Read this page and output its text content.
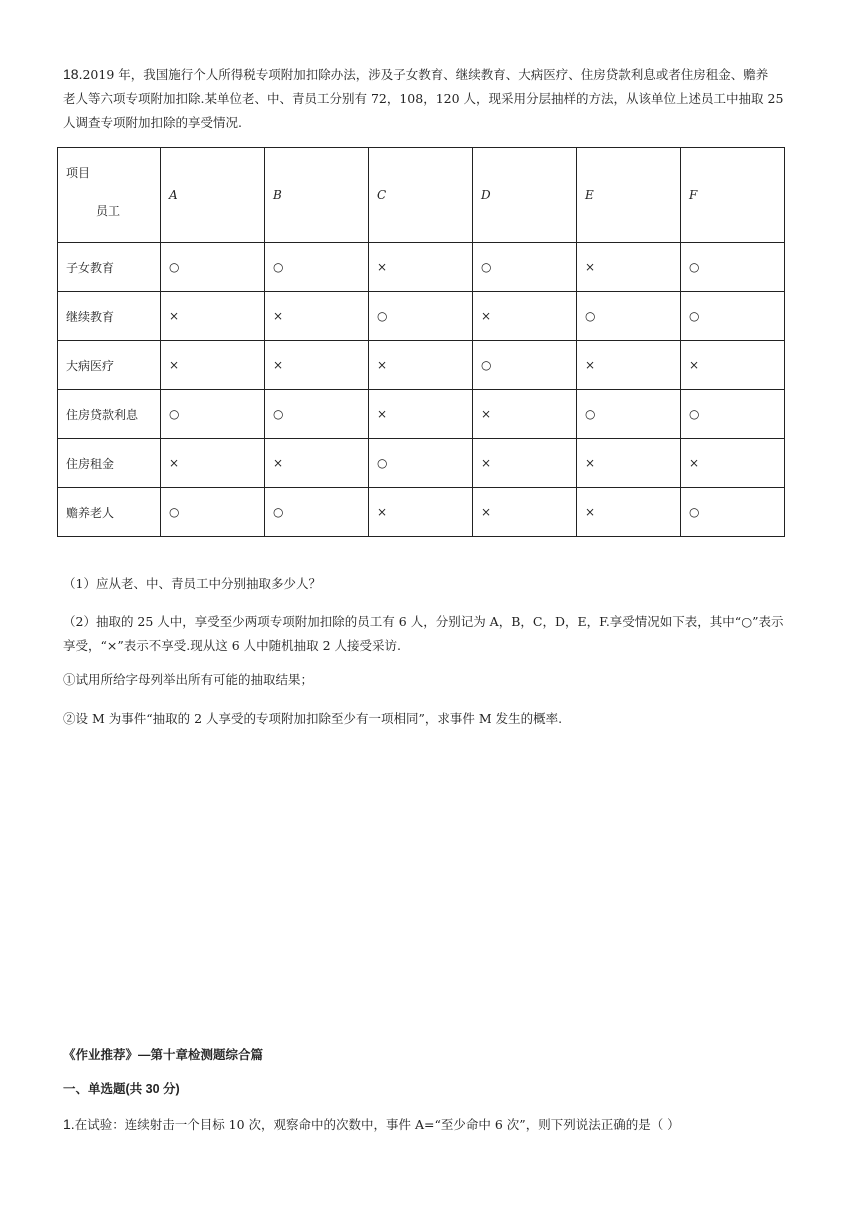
18.2019 年，我国施行个人所得税专项附加扣除办法，涉及子女教育、继续教育、大病医疗、住房贷款利息或者住房租金、赡养
老人等六项专项附加扣除.某单位老、中、青员工分别有 72，108，120 人，现采用分层抽样的方法，从该单位上述员工中抽取 25
人调查专项附加扣除的享受情况.
项目
员工	A	B	C	D	E	F
子女教育	○	○	×	○	×	○
继续教育	×	×	○	×	○	○
大病医疗	×	×	×	○	×	×
住房贷款利息	○	○	×	×	○	○
住房租金	×	×	○	×	×	×
赡养老人	○	○	×	×	×	○
（1）应从老、中、青员工中分别抽取多少人？
（2）抽取的 25 人中，享受至少两项专项附加扣除的员工有 6 人，分别记为 A，B，C，D，E，F.享受情况如下表，其中“○”表示
享受，“×”表示不享受.现从这 6 人中随机抽取 2 人接受采访.
①试用所给字母列举出所有可能的抽取结果；
②设 M 为事件“抽取的 2 人享受的专项附加扣除至少有一项相同”，求事件 M 发生的概率.
《作业推荐》—第十章检测题综合篇
一、单选题(共 30 分)
1.在试验：连续射击一个目标 10 次，观察命中的次数中，事件 A=“至少命中 6 次”，则下列说法正确的是（ ）
